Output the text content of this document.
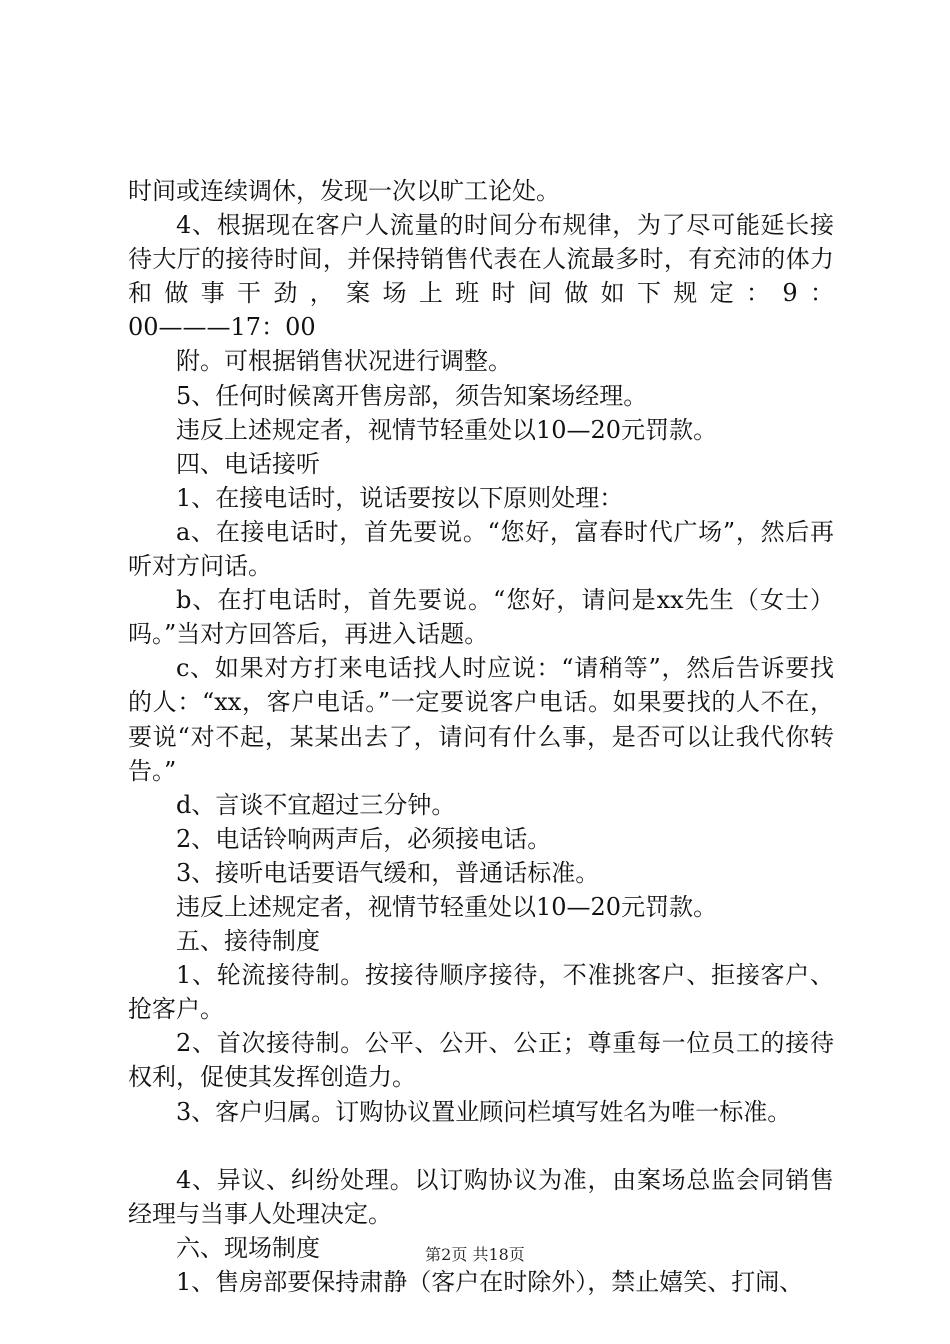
时间或连续调休，发现一次以旷工论处。

4、根据现在客户人流量的时间分布规律，为了尽可能延长接待大厅的接待时间，并保持销售代表在人流最多时，有充沛的体力和做事干劲，案场上班时间做如下规定：9：

00———17：00

附。可根据销售状况进行调整。

5、任何时候离开售房部，须告知案场经理。

违反上述规定者，视情节轻重处以10—20元罚款。

四、电话接听

1、在接电话时，说话要按以下原则处理：

a、在接电话时，首先要说。“您好，富春时代广场”，然后再听对方问话。

b、在打电话时，首先要说。“您好，请问是xx先生（女士）吗。”当对方回答后，再进入话题。

c、如果对方打来电话找人时应说：“请稍等”，然后告诉要找的人：“xx，客户电话。”一定要说客户电话。如果要找的人不在，要说“对不起，某某出去了，请问有什么事，是否可以让我代你转告。”

d、言谈不宜超过三分钟。

2、电话铃响两声后，必须接电话。

3、接听电话要语气缓和，普通话标准。

违反上述规定者，视情节轻重处以10—20元罚款。

五、接待制度

1、轮流接待制。按接待顺序接待，不准挑客户、拒接客户、抢客户。

2、首次接待制。公平、公开、公正；尊重每一位员工的接待权利，促使其发挥创造力。

3、客户归属。订购协议置业顾问栏填写姓名为唯一标准。

4、异议、纠纷处理。以订购协议为准，由案场总监会同销售经理与当事人处理决定。

六、现场制度

1、售房部要保持肃静（客户在时除外），禁止嬉笑、打闹、

第2页 共18页
